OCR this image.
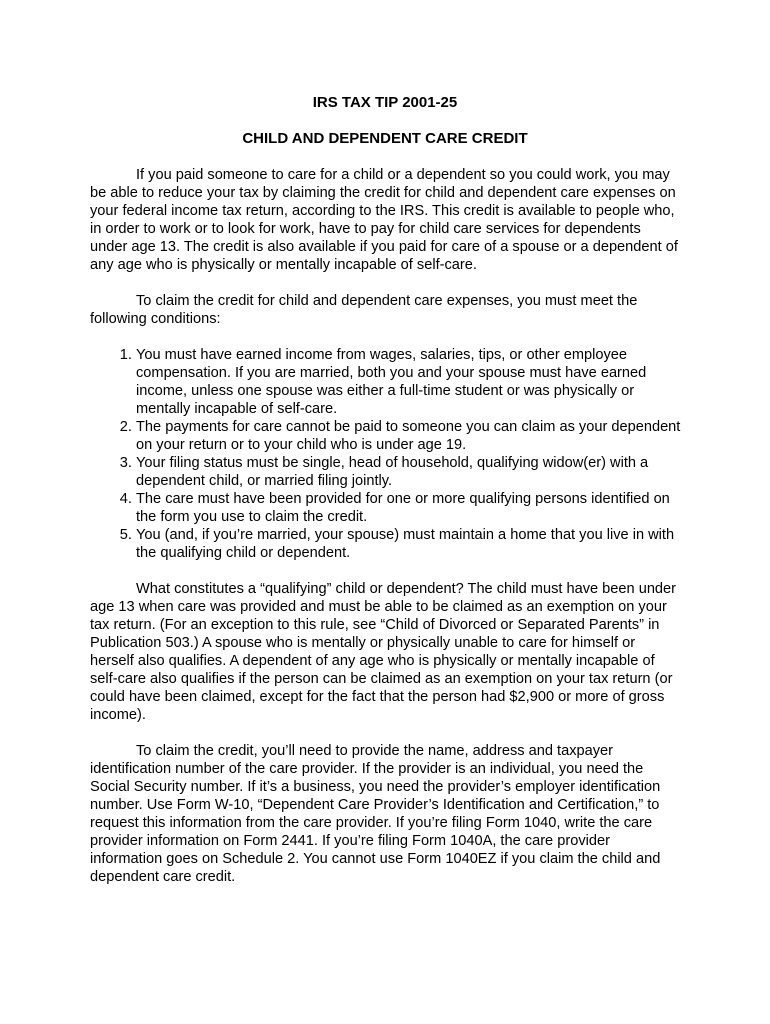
IRS TAX TIP 2001-25
CHILD AND DEPENDENT CARE CREDIT

If you paid someone to care for a child or a dependent so you could work, you may be able to reduce your tax by claiming the credit for child and dependent care expenses on your federal income tax return, according to the IRS. This credit is available to people who, in order to work or to look for work, have to pay for child care services for dependents under age 13. The credit is also available if you paid for care of a spouse or a dependent of any age who is physically or mentally incapable of self-care.

To claim the credit for child and dependent care expenses, you must meet the following conditions:

1. You must have earned income from wages, salaries, tips, or other employee compensation. If you are married, both you and your spouse must have earned income, unless one spouse was either a full-time student or was physically or mentally incapable of self-care.
2. The payments for care cannot be paid to someone you can claim as your dependent on your return or to your child who is under age 19.
3. Your filing status must be single, head of household, qualifying widow(er) with a dependent child, or married filing jointly.
4. The care must have been provided for one or more qualifying persons identified on the form you use to claim the credit.
5. You (and, if you’re married, your spouse) must maintain a home that you live in with the qualifying child or dependent.

What constitutes a “qualifying” child or dependent? The child must have been under age 13 when care was provided and must be able to be claimed as an exemption on your tax return. (For an exception to this rule, see “Child of Divorced or Separated Parents” in Publication 503.) A spouse who is mentally or physically unable to care for himself or herself also qualifies. A dependent of any age who is physically or mentally incapable of self-care also qualifies if the person can be claimed as an exemption on your tax return (or could have been claimed, except for the fact that the person had $2,900 or more of gross income).

To claim the credit, you’ll need to provide the name, address and taxpayer identification number of the care provider. If the provider is an individual, you need the Social Security number. If it’s a business, you need the provider’s employer identification number. Use Form W-10, “Dependent Care Provider’s Identification and Certification,” to request this information from the care provider. If you’re filing Form 1040, write the care provider information on Form 2441. If you’re filing Form 1040A, the care provider information goes on Schedule 2. You cannot use Form 1040EZ if you claim the child and dependent care credit.
